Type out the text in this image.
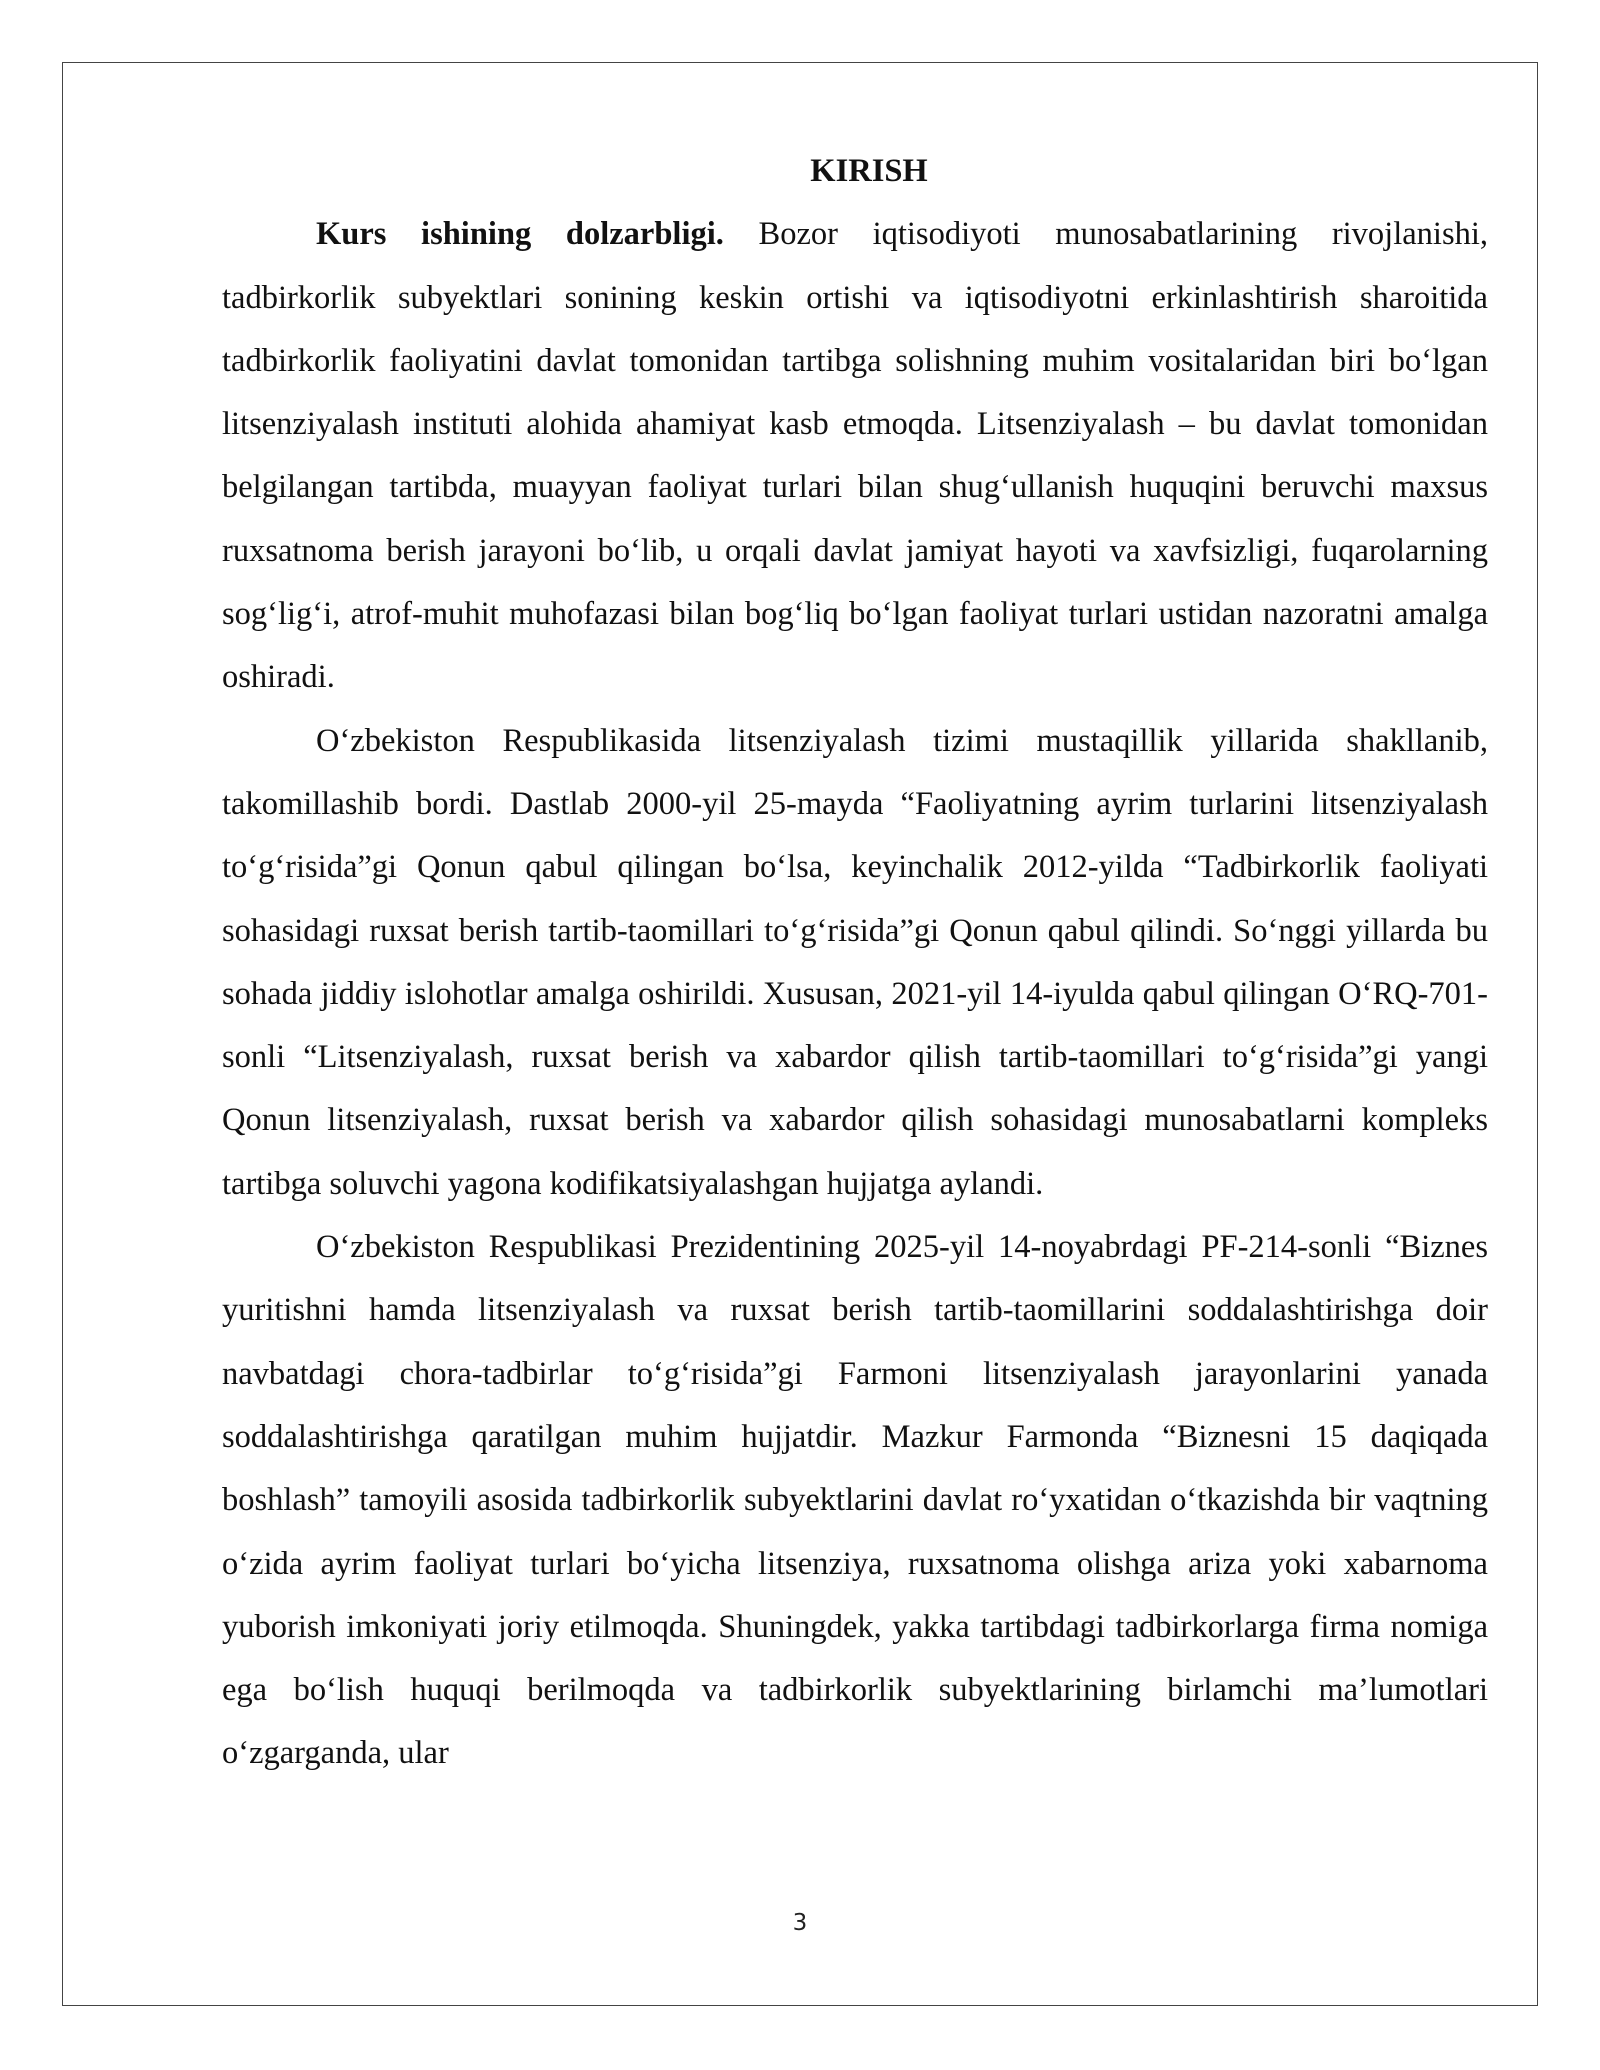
KIRISH

Kurs ishining dolzarbligi. Bozor iqtisodiyoti munosabatlarining rivojlanishi, tadbirkorlik subyektlari sonining keskin ortishi va iqtisodiyotni erkinlashtirish sharoitida tadbirkorlik faoliyatini davlat tomonidan tartibga solishning muhim vositalaridan biri bo‘lgan litsenziyalash instituti alohida ahamiyat kasb etmoqda. Litsenziyalash – bu davlat tomonidan belgilangan tartibda, muayyan faoliyat turlari bilan shug‘ullanish huquqini beruvchi maxsus ruxsatnoma berish jarayoni bo‘lib, u orqali davlat jamiyat hayoti va xavfsizligi, fuqarolarning sog‘lig‘i, atrof-muhit muhofazasi bilan bog‘liq bo‘lgan faoliyat turlari ustidan nazoratni amalga oshiradi.

O‘zbekiston Respublikasida litsenziyalash tizimi mustaqillik yillarida shakllanib, takomillashib bordi. Dastlab 2000-yil 25-mayda “Faoliyatning ayrim turlarini litsenziyalash to‘g‘risida”gi Qonun qabul qilingan bo‘lsa, keyinchalik 2012-yilda “Tadbirkorlik faoliyati sohasidagi ruxsat berish tartib-taomillari to‘g‘risida”gi Qonun qabul qilindi. So‘nggi yillarda bu sohada jiddiy islohotlar amalga oshirildi. Xususan, 2021-yil 14-iyulda qabul qilingan O‘RQ-701-sonli “Litsenziyalash, ruxsat berish va xabardor qilish tartib-taomillari to‘g‘risida”gi yangi Qonun litsenziyalash, ruxsat berish va xabardor qilish sohasidagi munosabatlarni kompleks tartibga soluvchi yagona kodifikatsiyalashgan hujjatga aylandi.

O‘zbekiston Respublikasi Prezidentining 2025-yil 14-noyabrdagi PF-214-sonli “Biznes yuritishni hamda litsenziyalash va ruxsat berish tartib-taomillarini soddalashtirishga doir navbatdagi chora-tadbirlar to‘g‘risida”gi Farmoni litsenziyalash jarayonlarini yanada soddalashtirishga qaratilgan muhim hujjatdir. Mazkur Farmonda “Biznesni 15 daqiqada boshlash” tamoyili asosida tadbirkorlik subyektlarini davlat ro‘yxatidan o‘tkazishda bir vaqtning o‘zida ayrim faoliyat turlari bo‘yicha litsenziya, ruxsatnoma olishga ariza yoki xabarnoma yuborish imkoniyati joriy etilmoqda. Shuningdek, yakka tartibdagi tadbirkorlarga firma nomiga ega bo‘lish huquqi berilmoqda va tadbirkorlik subyektlarining birlamchi ma’lumotlari o‘zgarganda, ular

3
